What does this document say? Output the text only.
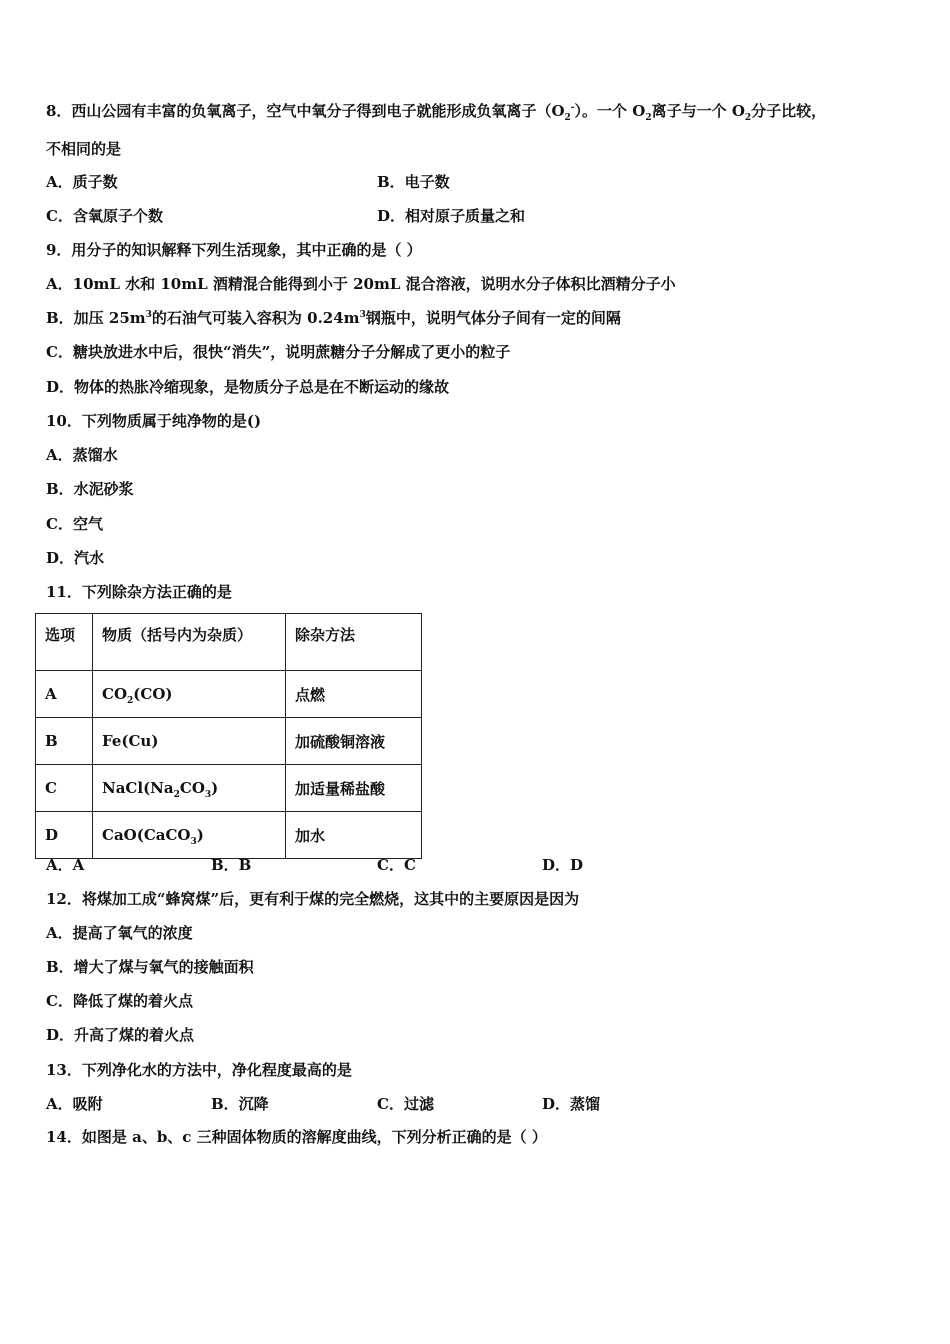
8．西山公园有丰富的负氧离子，空气中氧分子得到电子就能形成负氧离子$(O_2^-)$。一个 $O_2$离子与一个 $O_2$分子比较，
不相同的是
A．质子数	B．电子数
C．含氧原子个数	D．相对原子质量之和
9．用分子的知识解释下列生活现象，其中正确的是（ ）
A．10mL 水和 10mL 酒精混合能得到小于 20mL 混合溶液，说明水分子体积比酒精分子小
B．加压 $25m^3$的石油气可装入容积为 $0.24m^3$钢瓶中，说明气体分子间有一定的间隔
C．糖块放进水中后，很快“消失”，说明蔗糖分子分解成了更小的粒子
D．物体的热胀冷缩现象，是物质分子总是在不断运动的缘故
10．下列物质属于纯净物的是()
A．蒸馏水
B．水泥砂浆
C．空气
D．汽水
11．下列除杂方法正确的是
选项	物质（括号内为杂质）	除杂方法
A	$CO_2(CO)$	点燃
B	Fe(Cu)	加硫酸铜溶液
C	$NaCl(Na_2CO_3)$	加适量稀盐酸
D	CaO(CaCO$_3$)	加水
A．A	B．B	C．C	D．D
12．将煤加工成“蜂窝煤”后，更有利于煤的完全燃烧，这其中的主要原因是因为
A．提高了氧气的浓度
B．增大了煤与氧气的接触面积
C．降低了煤的着火点
D．升高了煤的着火点
13．下列净化水的方法中，净化程度最高的是
A．吸附	B．沉降	C．过滤	D．蒸馏
14．如图是 a、b、c 三种固体物质的溶解度曲线，下列分析正确的是（ ）
